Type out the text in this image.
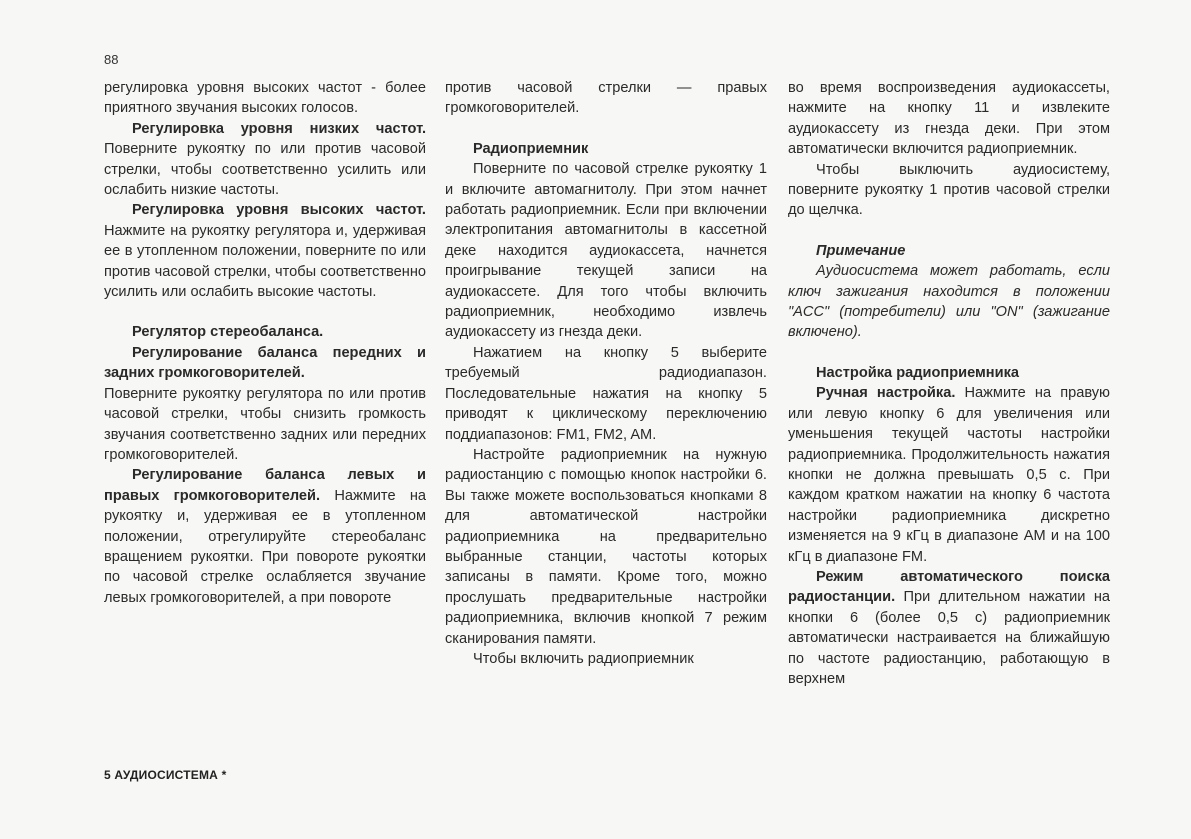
88

регулировка уровня высоких частот - более приятного звучания высоких голосов.

Регулировка уровня низких частот. Поверните рукоятку по или против часовой стрелки, чтобы соответственно усилить или ослабить низкие частоты.

Регулировка уровня высоких частот. Нажмите на рукоятку регулятора и, удерживая ее в утопленном положении, поверните по или против часовой стрелки, чтобы соответственно усилить или ослабить высокие частоты.

Регулятор стереобаланса.

Регулирование баланса передних и задних громкоговорителей.

Поверните рукоятку регулятора по или против часовой стрелки, чтобы снизить громкость звучания соответственно задних или передних громкоговорителей.

Регулирование баланса левых и правых громкоговорителей. Нажмите на рукоятку и, удерживая ее в утопленном положении, отрегулируйте стереобаланс вращением рукоятки. При повороте рукоятки по часовой стрелке ослабляется звучание левых громкоговорителей, а при повороте

против часовой стрелки — правых громкоговорителей.

Радиоприемник

Поверните по часовой стрелке рукоятку 1 и включите автомагнитолу. При этом начнет работать радиоприемник. Если при включении электропитания автомагнитолы в кассетной деке находится аудиокассета, начнется проигрывание текущей записи на аудиокассете. Для того чтобы включить радиоприемник, необходимо извлечь аудиокассету из гнезда деки.

Нажатием на кнопку 5 выберите требуемый радиодиапазон. Последовательные нажатия на кнопку 5 приводят к циклическому переключению поддиапазонов: FM1, FM2, AM.

Настройте радиоприемник на нужную радиостанцию с помощью кнопок настройки 6. Вы также можете воспользоваться кнопками 8 для автоматической настройки радиоприемника на предварительно выбранные станции, частоты которых записаны в памяти. Кроме того, можно прослушать предварительные настройки радиоприемника, включив кнопкой 7 режим сканирования памяти.

Чтобы включить радиоприемник

во время воспроизведения аудиокассеты, нажмите на кнопку 11 и извлеките аудиокассету из гнезда деки. При этом автоматически включится радиоприемник.

Чтобы выключить аудиосистему, поверните рукоятку 1 против часовой стрелки до щелчка.

Примечание

Аудиосистема может работать, если ключ зажигания находится в положении "ACC" (потребители) или "ON" (зажигание включено).

Настройка радиоприемника

Ручная настройка. Нажмите на правую или левую кнопку 6 для увеличения или уменьшения текущей частоты настройки радиоприемника. Продолжительность нажатия кнопки не должна превышать 0,5 с. При каждом кратком нажатии на кнопку 6 частота настройки радиоприемника дискретно изменяется на 9 кГц в диапазоне AM и на 100 кГц в диапазоне FM.

Режим автоматического поиска радиостанции. При длительном нажатии на кнопки 6 (более 0,5 с) радиоприемник автоматически настраивается на ближайшую по частоте радиостанцию, работающую в верхнем

5 АУДИОСИСТЕМА *
